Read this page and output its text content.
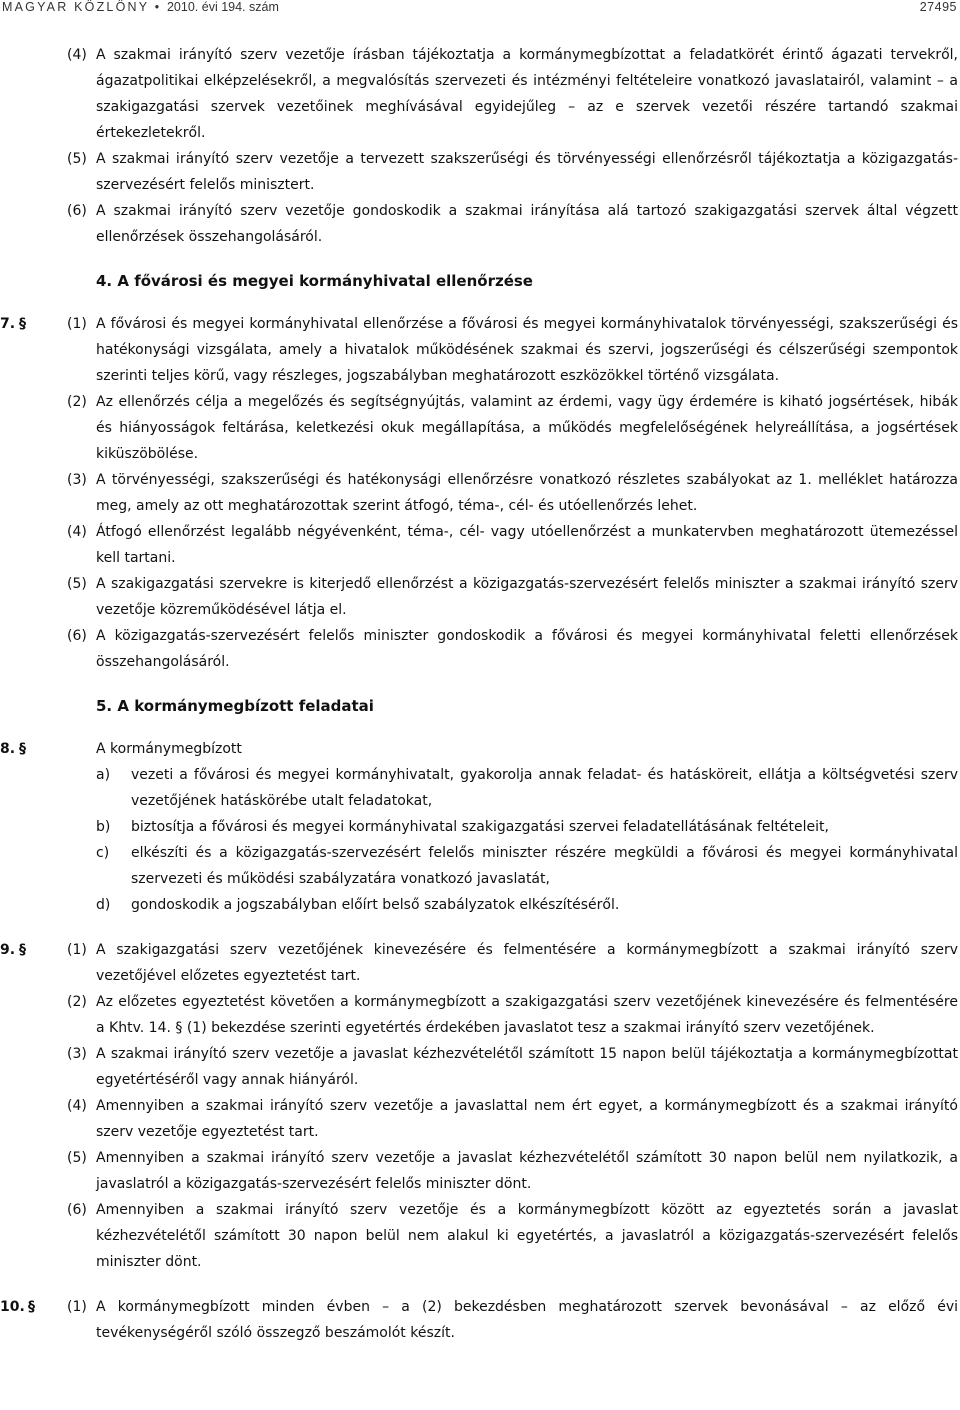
MAGYAR KÖZLÖNY • 2010. évi 194. szám	27495
(4) A szakmai irányító szerv vezetője írásban tájékoztatja a kormánymegbízottat a feladatkörét érintő ágazati tervekről, ágazatpolitikai elképzelésekről, a megvalósítás szervezeti és intézményi feltételeire vonatkozó javaslatairól, valamint – a szakigazgatási szervek vezetőinek meghívásával egyidejűleg – az e szervek vezetői részére tartandó szakmai értekezletekről.
(5) A szakmai irányító szerv vezetője a tervezett szakszerűségi és törvényességi ellenőrzésről tájékoztatja a közigazgatás-szervezésért felelős minisztert.
(6) A szakmai irányító szerv vezetője gondoskodik a szakmai irányítása alá tartozó szakigazgatási szervek által végzett ellenőrzések összehangolásáról.
4. A fővárosi és megyei kormányhivatal ellenőrzése
7. §	(1) A fővárosi és megyei kormányhivatal ellenőrzése a fővárosi és megyei kormányhivatalok törvényességi, szakszerűségi és hatékonysági vizsgálata, amely a hivatalok működésének szakmai és szervi, jogszerűségi és célszerűségi szempontok szerinti teljes körű, vagy részleges, jogszabályban meghatározott eszközökkel történő vizsgálata.
(2) Az ellenőrzés célja a megelőzés és segítségnyújtás, valamint az érdemi, vagy ügy érdemére is kiható jogsértések, hibák és hiányosságok feltárása, keletkezési okuk megállapítása, a működés megfelelőségének helyreállítása, a jogsértések kiküszöbölése.
(3) A törvényességi, szakszerűségi és hatékonysági ellenőrzésre vonatkozó részletes szabályokat az 1. melléklet határozza meg, amely az ott meghatározottak szerint átfogó, téma-, cél- és utóellenőrzés lehet.
(4) Átfogó ellenőrzést legalább négyévenként, téma-, cél- vagy utóellenőrzést a munkatervben meghatározott ütemezéssel kell tartani.
(5) A szakigazgatási szervekre is kiterjedő ellenőrzést a közigazgatás-szervezésért felelős miniszter a szakmai irányító szerv vezetője közreműködésével látja el.
(6) A közigazgatás-szervezésért felelős miniszter gondoskodik a fővárosi és megyei kormányhivatal feletti ellenőrzések összehangolásáról.
5. A kormánymegbízott feladatai
8. §	A kormánymegbízott
a) vezeti a fővárosi és megyei kormányhivatalt, gyakorolja annak feladat- és hatásköreit, ellátja a költségvetési szerv vezetőjének hatáskörébe utalt feladatokat,
b) biztosítja a fővárosi és megyei kormányhivatal szakigazgatási szervei feladatellátásának feltételeit,
c) elkészíti és a közigazgatás-szervezésért felelős miniszter részére megküldi a fővárosi és megyei kormányhivatal szervezeti és működési szabályzatára vonatkozó javaslatát,
d) gondoskodik a jogszabályban előírt belső szabályzatok elkészítéséről.
9. §	(1) A szakigazgatási szerv vezetőjének kinevezésére és felmentésére a kormánymegbízott a szakmai irányító szerv vezetőjével előzetes egyeztetést tart.
(2) Az előzetes egyeztetést követően a kormánymegbízott a szakigazgatási szerv vezetőjének kinevezésére és felmentésére a Khtv. 14. § (1) bekezdése szerinti egyetértés érdekében javaslatot tesz a szakmai irányító szerv vezetőjének.
(3) A szakmai irányító szerv vezetője a javaslat kézhezvételétől számított 15 napon belül tájékoztatja a kormánymegbízottat egyetértéséről vagy annak hiányáról.
(4) Amennyiben a szakmai irányító szerv vezetője a javaslattal nem ért egyet, a kormánymegbízott és a szakmai irányító szerv vezetője egyeztetést tart.
(5) Amennyiben a szakmai irányító szerv vezetője a javaslat kézhezvételétől számított 30 napon belül nem nyilatkozik, a javaslatról a közigazgatás-szervezésért felelős miniszter dönt.
(6) Amennyiben a szakmai irányító szerv vezetője és a kormánymegbízott között az egyeztetés során a javaslat kézhezvételétől számított 30 napon belül nem alakul ki egyetértés, a javaslatról a közigazgatás-szervezésért felelős miniszter dönt.
10. § (1) A kormánymegbízott minden évben – a (2) bekezdésben meghatározott szervek bevonásával – az előző évi tevékenységéről szóló összegző beszámolót készít.
